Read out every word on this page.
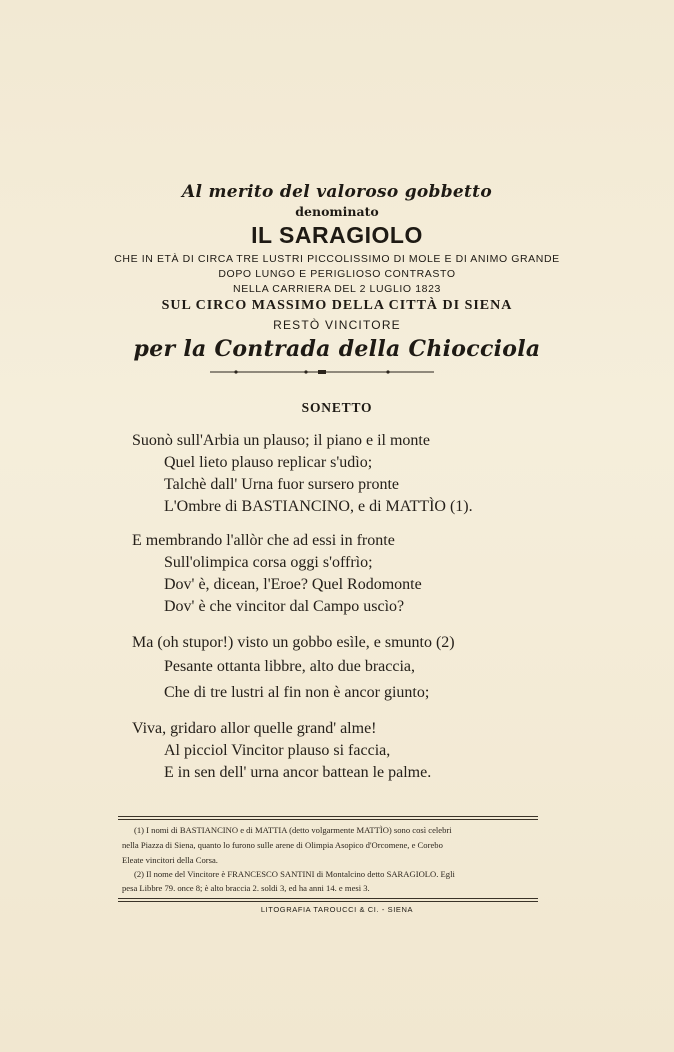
Al merito del valoroso gobbetto
denominato
IL SARAGIOLO
CHE IN ETÀ DI CIRCA TRE LUSTRI PICCOLISSIMO DI MOLE E DI ANIMO GRANDE
DOPO LUNGO E PERIGLIOSO CONTRASTO
NELLA CARRIERA DEL 2 LUGLIO 1823
SUL CIRCO MASSIMO DELLA CITTÀ DI SIENA
RESTÒ VINCITORE
per la Contrada della Chiocciola
SONETTO
Suonò sull'Arbia un plauso; il piano e il monte
Quel lieto plauso replicar s'udìo;
Talchè dall' Urna fuor sursero pronte
L'Ombre di BASTIANCINO, e di MATTÌO (1).
E membrando l'allòr che ad essi in fronte
Sull'olimpica corsa oggi s'offrìo;
Dov' è, dicean, l'Eroe? Quel Rodomonte
Dov' è che vincitor dal Campo uscìo?
Ma (oh stupor!) visto un gobbo esìle, e smunto (2)
Pesante ottanta libbre, alto due braccia,
Che di tre lustri al fin non è ancor giunto;
Viva, gridaro allor quelle grand' alme!
Al picciol Vincitor plauso si faccia,
E in sen dell' urna ancor battean le palme.
(1) I nomi di BASTIANCINO e di MATTIA (detto volgarmente MATTÌO) sono così celebri
nella Piazza di Siena, quanto lo furono sulle arene di Olimpia Asopico d'Orcomene, e Corebo
Eleate vincitori della Corsa.
(2) Il nome del Vincitore è FRANCESCO SANTINI di Montalcino detto SARAGIOLO. Egli
pesa Libbre 79. once 8; è alto braccia 2. soldi 3, ed ha anni 14. e mesi 3.
LITOGRAFIA TAROUCCI & CI. - SIENA
